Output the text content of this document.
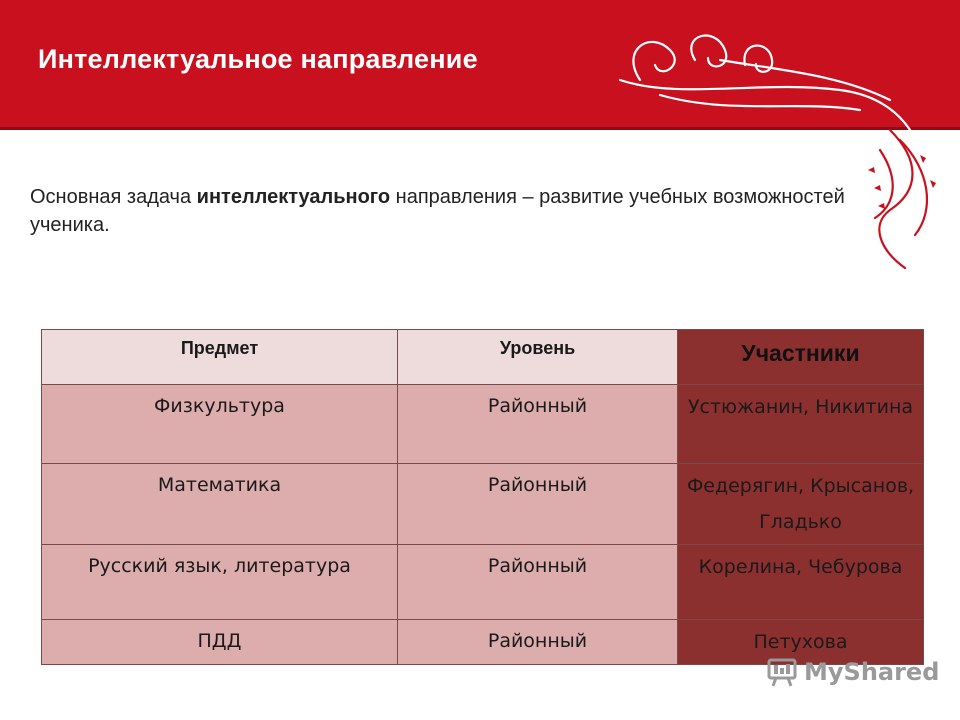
Интеллектуальное направление
Основная задача интеллектуального направления – развитие учебных возможностей ученика.
Предмет	Уровень	Участники
Физкультура	Районный	Устюжанин, Никитина
Математика	Районный	Федерягин, Крысанов, Гладько
Русский язык, литература	Районный	Корелина, Чебурова
ПДД	Районный	Петухова
MyShared
